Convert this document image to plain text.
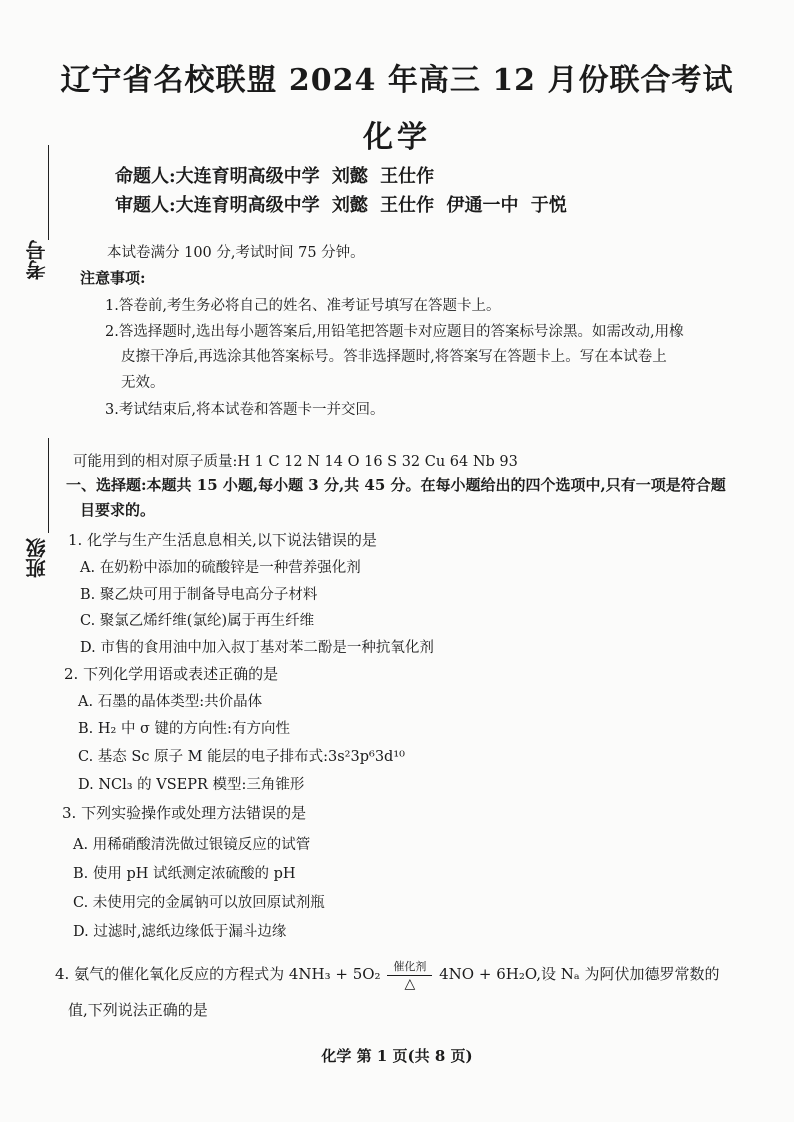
辽宁省名校联盟 2024 年高三 12 月份联合考试
化学
命题人:大连育明高级中学 刘懿 王仕作
审题人:大连育明高级中学 刘懿 王仕作 伊通一中 于悦
考号
班级
本试卷满分 100 分,考试时间 75 分钟。
注意事项:
1.答卷前,考生务必将自己的姓名、准考证号填写在答题卡上。
2.答选择题时,选出每小题答案后,用铅笔把答题卡对应题目的答案标号涂黑。如需改动,用橡
皮擦干净后,再选涂其他答案标号。答非选择题时,将答案写在答题卡上。写在本试卷上
无效。
3.考试结束后,将本试卷和答题卡一并交回。
可能用到的相对原子质量:H 1 C 12 N 14 O 16 S 32 Cu 64 Nb 93
一、选择题:本题共 15 小题,每小题 3 分,共 45 分。在每小题给出的四个选项中,只有一项是符合题
目要求的。
1. 化学与生产生活息息相关,以下说法错误的是
A. 在奶粉中添加的硫酸锌是一种营养强化剂
B. 聚乙炔可用于制备导电高分子材料
C. 聚氯乙烯纤维(氯纶)属于再生纤维
D. 市售的食用油中加入叔丁基对苯二酚是一种抗氧化剂
2. 下列化学用语或表述正确的是
A. 石墨的晶体类型:共价晶体
B. H₂ 中 σ 键的方向性:有方向性
C. 基态 Sc 原子 M 能层的电子排布式:3s²3p⁶3d¹⁰
D. NCl₃ 的 VSEPR 模型:三角锥形
3. 下列实验操作或处理方法错误的是
A. 用稀硝酸清洗做过银镜反应的试管
B. 使用 pH 试纸测定浓硫酸的 pH
C. 未使用完的金属钠可以放回原试剂瓶
D. 过滤时,滤纸边缘低于漏斗边缘
4. 氨气的催化氧化反应的方程式为 $4NH_3 + 5O_2 \frac{\text{催化剂}}{\triangle} 4NO + 6H_2O$,设 Nₐ 为阿伏加德罗常数的
值,下列说法正确的是
化学 第 1 页(共 8 页)
